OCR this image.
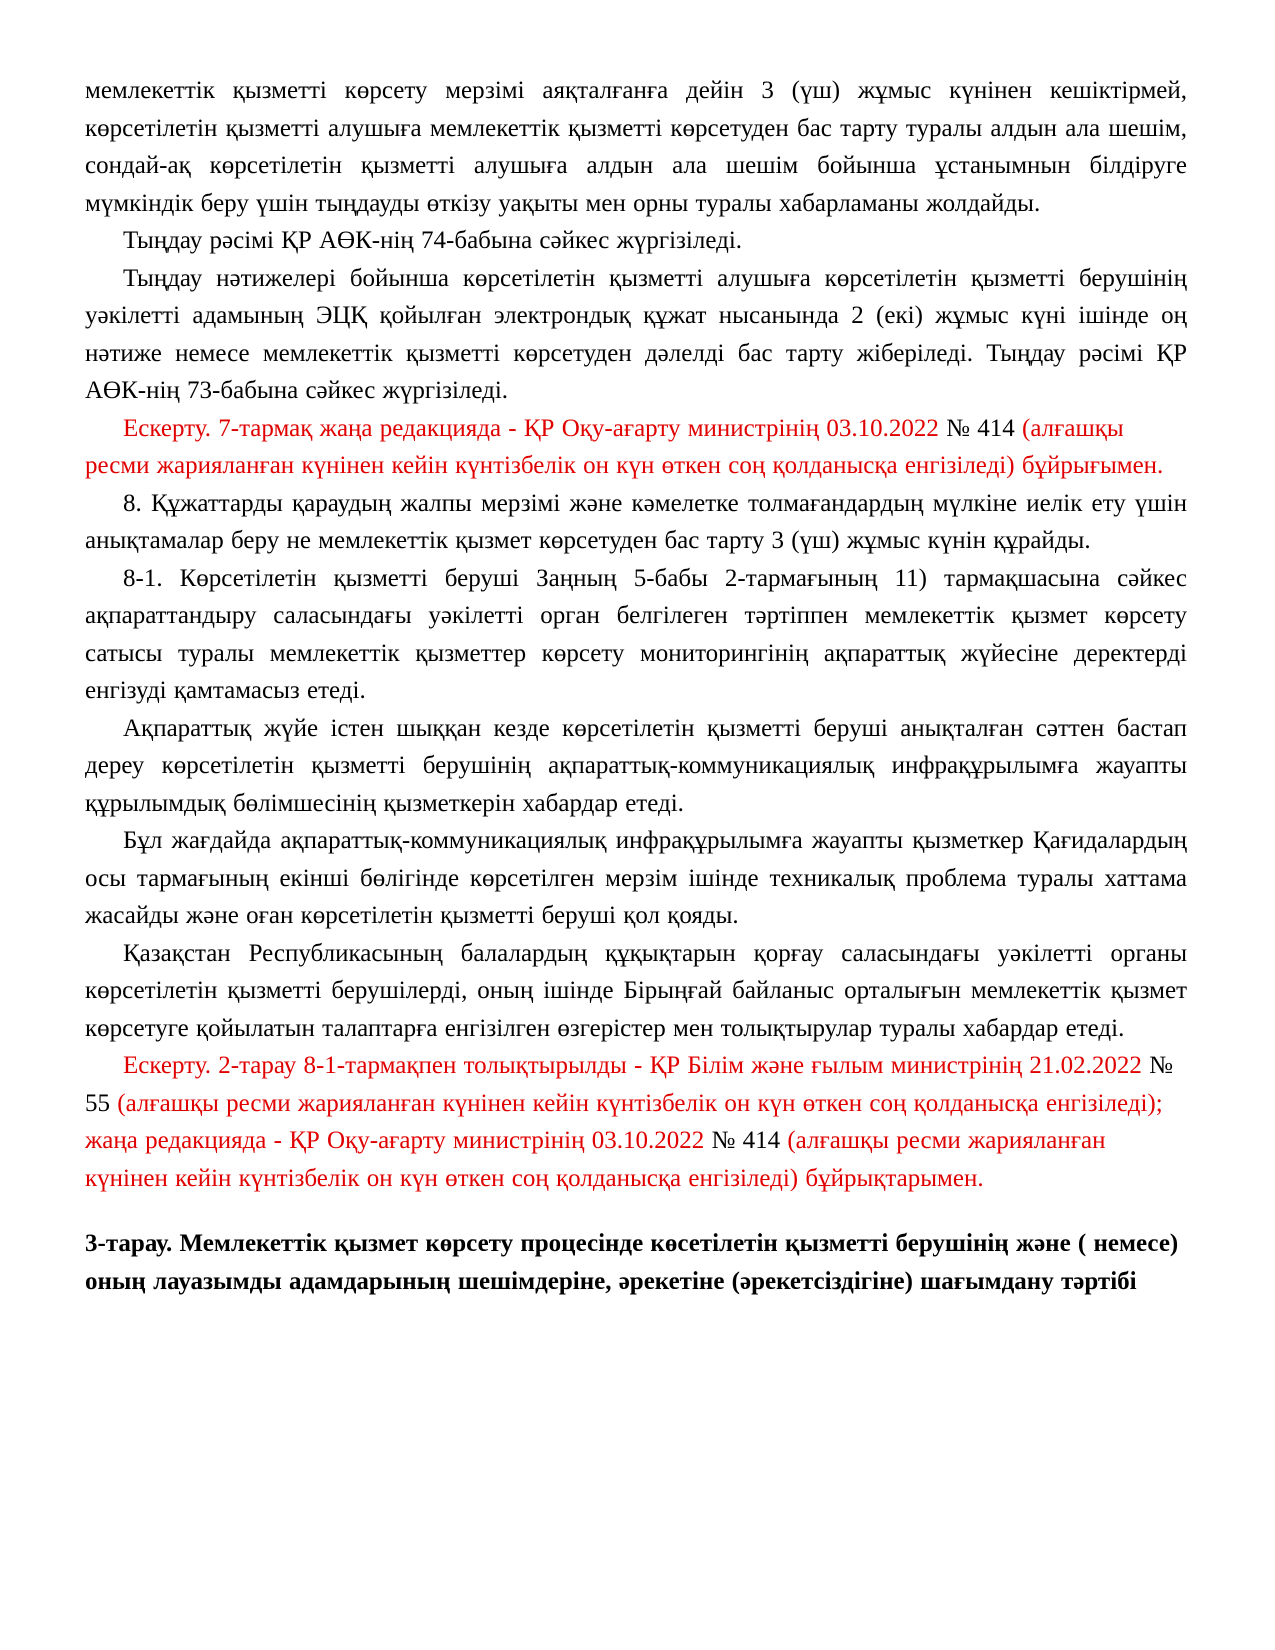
мемлекеттік қызметті көрсету мерзімі аяқталғанға дейін 3 (үш) жұмыс күнінен кешіктірмей, көрсетілетін қызметті алушыға мемлекеттік қызметті көрсетуден бас тарту туралы алдын ала шешім, сондай-ақ көрсетілетін қызметті алушыға алдын ала шешім бойынша ұстанымнын білдіруге мүмкіндік беру үшін тыңдауды өткізу уақыты мен орны туралы хабарламаны жолдайды.

Тыңдау рәсімі ҚР АӨК-нің 74-бабына сәйкес жүргізіледі.

Тыңдау нәтижелері бойынша көрсетілетін қызметті алушыға көрсетілетін қызметті берушінің уәкілетті адамының ЭЦҚ қойылған электрондық құжат нысанында 2 (екі) жұмыс күні ішінде оң нәтиже немесе мемлекеттік қызметті көрсетуден дәлелді бас тарту жіберіледі. Тыңдау рәсімі ҚР АӨК-нің 73-бабына сәйкес жүргізіледі.

Ескерту. 7-тармақ жаңа редакцияда - ҚР Оқу-ағарту министрінің 03.10.2022 № 414 (алғашқы ресми жарияланған күнінен кейін күнтізбелік он күн өткен соң қолданысқа енгізіледі) бұйрығымен.

8. Құжаттарды қараудың жалпы мерзімі және кәмелетке толмағандардың мүлкіне иелік ету үшін анықтамалар беру не мемлекеттік қызмет көрсетуден бас тарту 3 (үш) жұмыс күнін құрайды.

8-1. Көрсетілетін қызметті беруші Заңның 5-бабы 2-тармағының 11) тармақшасына сәйкес ақпараттандыру саласындағы уәкілетті орган белгілеген тәртіппен мемлекеттік қызмет көрсету сатысы туралы мемлекеттік қызметтер көрсету мониторингінің ақпараттық жүйесіне деректерді енгізуді қамтамасыз етеді.

Ақпараттық жүйе істен шыққан кезде көрсетілетін қызметті беруші анықталған сәттен бастап дереу көрсетілетін қызметті берушінің ақпараттық-коммуникациялық инфрақұрылымға жауапты құрылымдық бөлімшесінің қызметкерін хабардар етеді.

Бұл жағдайда ақпараттық-коммуникациялық инфрақұрылымға жауапты қызметкер Қағидалардың осы тармағының екінші бөлігінде көрсетілген мерзім ішінде техникалық проблема туралы хаттама жасайды және оған көрсетілетін қызметті беруші қол қояды.

Қазақстан Республикасының балалардың құқықтарын қорғау саласындағы уәкілетті органы көрсетілетін қызметті берушілерді, оның ішінде Бірыңғай байланыс орталығын мемлекеттік қызмет көрсетуге қойылатын талаптарға енгізілген өзгерістер мен толықтырулар туралы хабардар етеді.

Ескерту. 2-тарау 8-1-тармақпен толықтырылды - ҚР Білім және ғылым министрінің 21.02.2022 № 55 (алғашқы ресми жарияланған күнінен кейін күнтізбелік он күн өткен соң қолданысқа енгізіледі); жаңа редакцияда - ҚР Оқу-ағарту министрінің 03.10.2022 № 414 (алғашқы ресми жарияланған күнінен кейін күнтізбелік он күн өткен соң қолданысқа енгізіледі) бұйрықтарымен.

3-тарау. Мемлекеттік қызмет көрсету процесінде көсетілетін қызметті берушінің және ( немесе) оның лауазымды адамдарының шешімдеріне, әрекетіне (әрекетсіздігіне) шағымдану тәртібі
